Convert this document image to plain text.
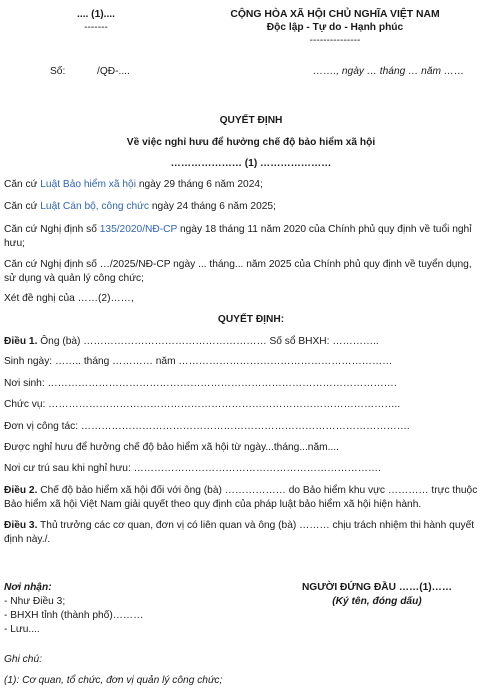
.... (1)....
-------
CỘNG HÒA XÃ HỘI CHỦ NGHĨA VIỆT NAM
Độc lập - Tự do - Hạnh phúc
---------------
Số:	/QĐ-....	……., ngày … tháng … năm ……
QUYẾT ĐỊNH
Về việc nghỉ hưu để hưởng chế độ bảo hiểm xã hội
………………… (1) …………………
Căn cứ Luật Bảo hiểm xã hội ngày 29 tháng 6 năm 2024;
Căn cứ Luật Cán bộ, công chức ngày 24 tháng 6 năm 2025;
Căn cứ Nghị định số 135/2020/NĐ-CP ngày 18 tháng 11 năm 2020 của Chính phủ quy định về tuổi nghỉ hưu;
Căn cứ Nghị định số …/2025/NĐ-CP ngày ... tháng... năm 2025 của Chính phủ quy định về tuyển dụng, sử dụng và quản lý công chức;
Xét đề nghị của ……(2)……,
QUYẾT ĐỊNH:
Điều 1. Ông (bà) ……………………………………………… Số sổ BHXH: …………..
Sinh ngày: …….. tháng ………… năm ………………………………………………………
Nơi sinh: ………………………………………………………………………………………….
Chức vụ: …………………………………………………………………………………………..
Đơn vị công tác: …………………………………………………………………………………….
Được nghỉ hưu để hưởng chế độ bảo hiểm xã hội từ ngày...tháng...năm....
Nơi cư trú sau khi nghỉ hưu: ……………………………………………………………….
Điều 2. Chế độ bảo hiểm xã hội đối với ông (bà) ……………… do Bảo hiểm khu vực ………… trực thuộc Bảo hiểm xã hội Việt Nam giải quyết theo quy định của pháp luật bảo hiểm xã hội hiện hành.
Điều 3. Thủ trưởng các cơ quan, đơn vị có liên quan và ông (bà) ……… chịu trách nhiệm thi hành quyết định này./.
Nơi nhận:
- Như Điều 3;
- BHXH tỉnh (thành phố)………
- Lưu....
NGƯỜI ĐỨNG ĐẦU ……(1)……
(Ký tên, đóng dấu)
Ghi chú:
(1): Cơ quan, tổ chức, đơn vị quản lý công chức;
